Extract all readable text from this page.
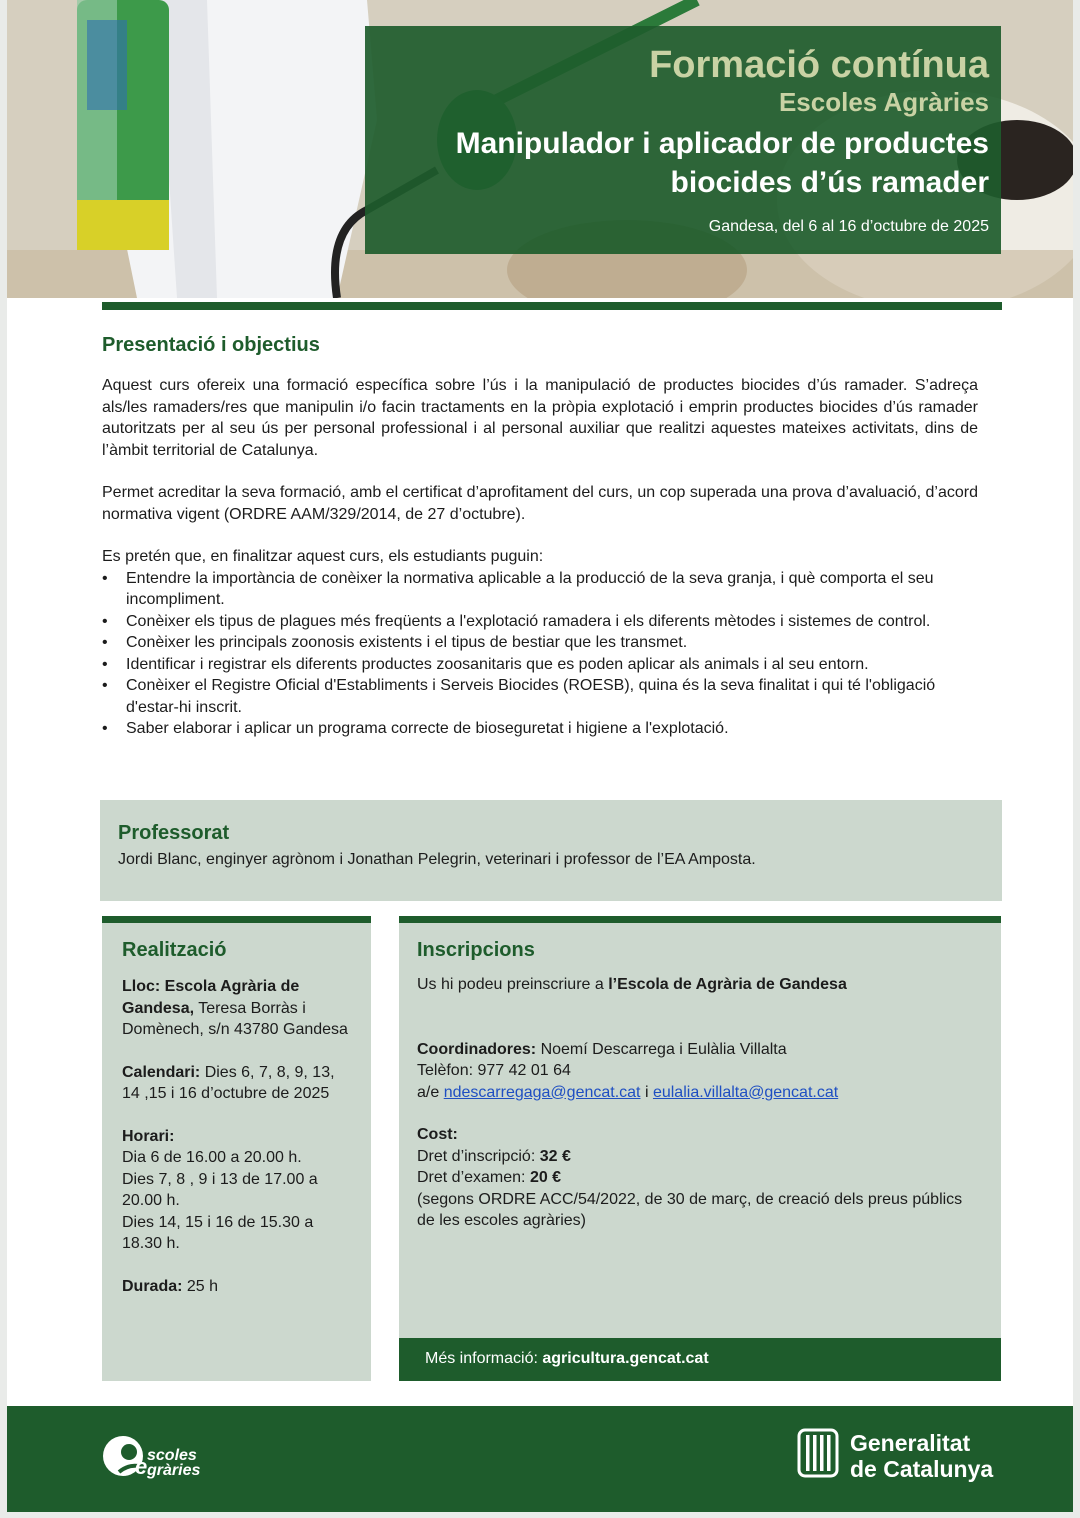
Formació contínua
Escoles Agràries
Manipulador i aplicador de productes
biocides d’ús ramader
Gandesa, del 6 al 16 d’octubre de 2025
Presentació i objectius

Aquest curs ofereix una formació específica sobre l’ús i la manipulació de productes biocides d’ús ramader. S’adreça als/les ramaders/res que manipulin i/o facin tractaments en la pròpia explotació i emprin productes biocides d’ús ramader autoritzats per al seu ús per personal professional i al personal auxiliar que realitzi aquestes mateixes activitats, dins de l’àmbit territorial de Catalunya.

Permet acreditar la seva formació, amb el certificat d’aprofitament del curs, un cop superada una prova d’avaluació, d’acord normativa vigent (ORDRE AAM/329/2014, de 27 d’octubre).

Es pretén que, en finalitzar aquest curs, els estudiants puguin:

• Entendre la importància de conèixer la normativa aplicable a la producció de la seva granja, i què comporta el seu incompliment.
• Conèixer els tipus de plagues més freqüents a l'explotació ramadera i els diferents mètodes i sistemes de control.
• Conèixer les principals zoonosis existents i el tipus de bestiar que les transmet.
• Identificar i registrar els diferents productes zoosanitaris que es poden aplicar als animals i al seu entorn.
• Conèixer el Registre Oficial d'Establiments i Serveis Biocides (ROESB), quina és la seva finalitat i qui té l'obligació d'estar-hi inscrit.
• Saber elaborar i aplicar un programa correcte de bioseguretat i higiene a l'explotació.
Professorat

Jordi Blanc, enginyer agrònom i Jonathan Pelegrin, veterinari i professor de l’EA Amposta.

Realització

Lloc: Escola Agrària de Gandesa, Teresa Borràs i Domènech, s/n 43780 Gandesa

Calendari: Dies 6, 7, 8, 9, 13, 14 ,15 i 16 d’octubre de 2025

Horari:
Dia 6 de 16.00 a 20.00 h.
Dies 7, 8 , 9 i 13 de 17.00 a 20.00 h.
Dies 14, 15 i 16 de 15.30 a 18.30 h.

Durada: 25 h

Inscripcions

Us hi podeu preinscriure a l’Escola de Agrària de Gandesa

Coordinadores: Noemí Descarrega i Eulàlia Villalta

Telèfon: 977 42 01 64

a/e ndescarregaga@gencat.cat i eulalia.villalta@gencat.cat

Cost:

Dret d’inscripció: 32 €

Dret d’examen: 20 €

(segons ORDRE ACC/54/2022, de 30 de març, de creació dels preus públics de les escoles agràries)

Més informació: agricultura.gencat.cat
e scoles
gràries
Generalitat
de Catalunya
